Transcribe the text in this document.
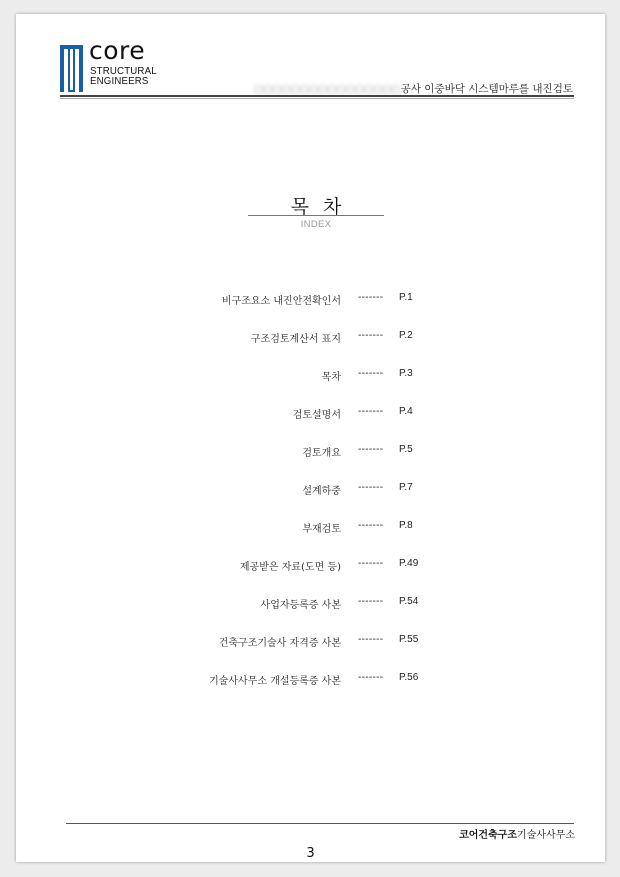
core
STRUCTURAL
ENGINEERS
○○○○○○○○○○○○○○○○공사 이중바닥 시스템마루를 내진검토
목차
INDEX
비구조요소 내진안전확인서 ------- P.1
구조검토계산서 표지 ------- P.2
목차 ------- P.3
검토설명서 ------- P.4
검토개요 ------- P.5
설계하중 ------- P.7
부재검토 ------- P.8
제공받은 자료(도면 등) ------- P.49
사업자등록증 사본 ------- P.54
건축구조기술사 자격증 사본 ------- P.55
기술사사무소 개설등록증 사본 ------- P.56
코어건축구조기술사사무소
3
